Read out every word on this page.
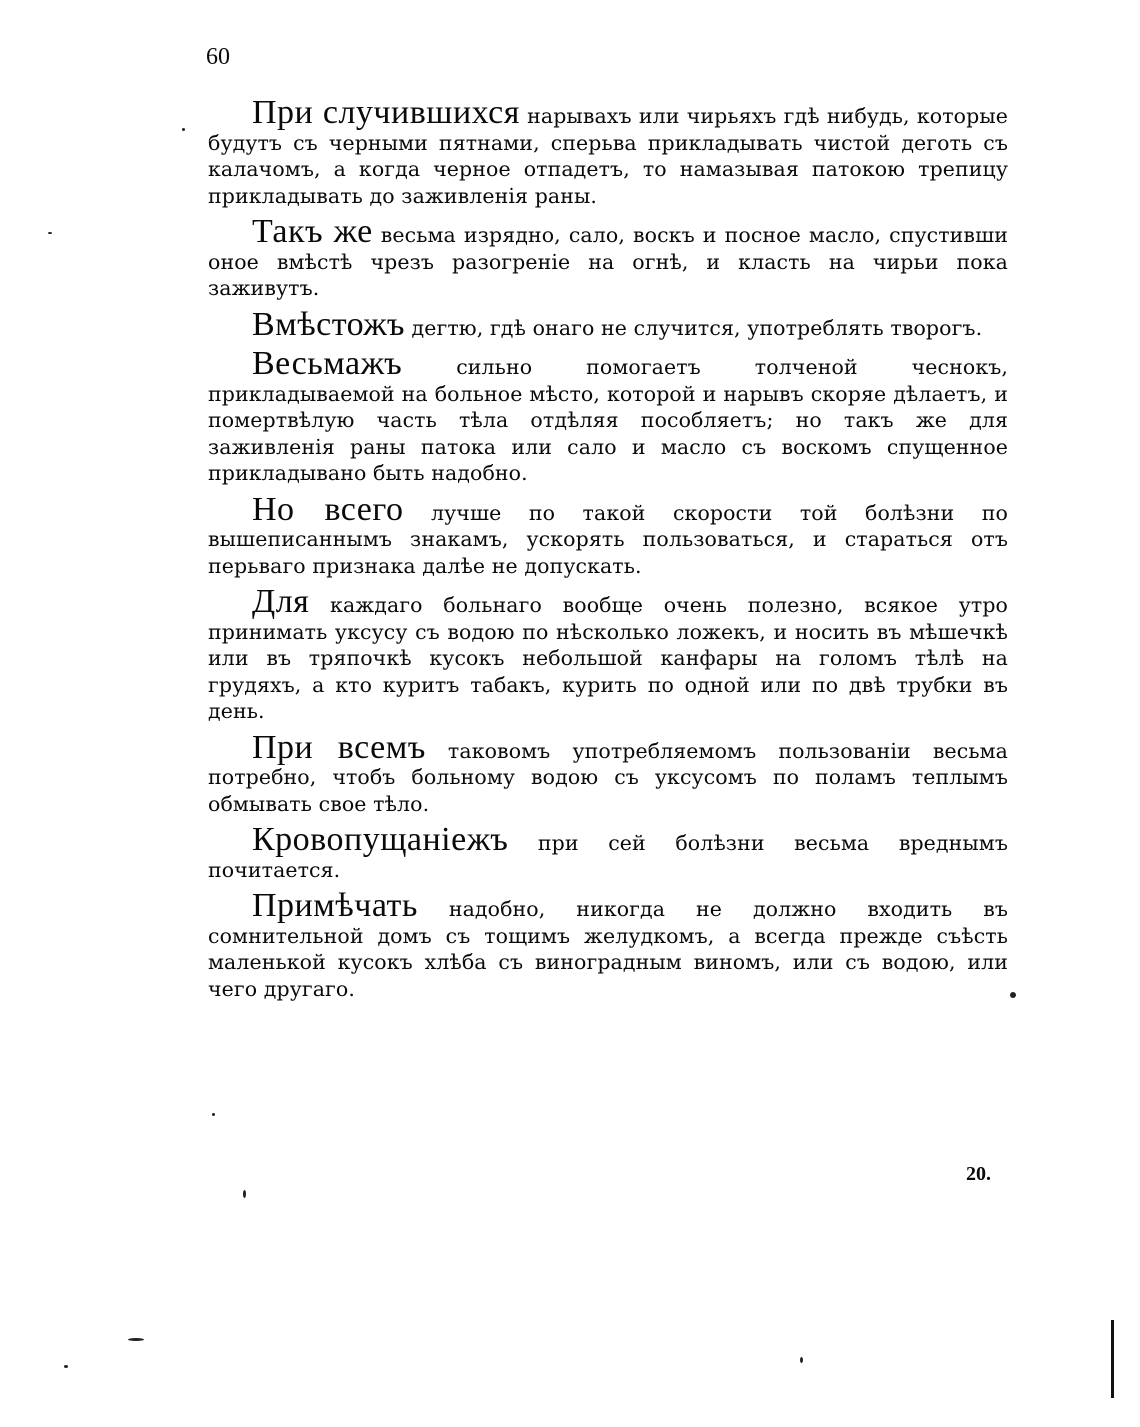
60

При случившихся нарывахъ или чирьяхъ гдѣ нибудь, которые будутъ съ черными пятнами, сперьва прикладывать чистой деготь съ калачомъ, а когда черное отпадетъ, то намазывая патокою трепицу прикладывать до заживленія раны.

Такъ же весьма изрядно, сало, воскъ и посное масло, спустивши оное вмѣстѣ чрезъ разогреніе на огнѣ, и класть на чирьи пока заживутъ.

Вмѣстожъ дегтю, гдѣ онаго не случится, употреблять творогъ.

Весьмажъ сильно помогаетъ толченой чеснокъ, прикладываемой на больное мѣсто, которой и нарывъ скоряе дѣлаетъ, и помертвѣлую часть тѣла отдѣляя пособляетъ; но такъ же для заживленія раны патока или сало и масло съ воскомъ спущенное прикладывано быть надобно.

Но всего лучше по такой скорости той болѣзни по вышеписаннымъ знакамъ, ускорять пользоваться, и стараться отъ перьваго признака далѣе не допускать.

Для каждаго больнаго вообще очень полезно, всякое утро принимать уксусу съ водою по нѣсколько ложекъ, и носить въ мѣшечкѣ или въ тряпочкѣ кусокъ небольшой канфары на голомъ тѣлѣ на грудяхъ, а кто куритъ табакъ, курить по одной или по двѣ трубки въ день.

При всемъ таковомъ употребляемомъ пользованіи весьма потребно, чтобъ больному водою съ уксусомъ по поламъ теплымъ обмывать свое тѣло.

Кровопущаніежъ при сей болѣзни весьма вреднымъ почитается.

Примѣчать надобно, никогда не должно входить въ сомнительной домъ съ тощимъ желудкомъ, а всегда прежде съѣсть маленькой кусокъ хлѣба съ виноградным виномъ, или съ водою, или чего другаго.

20.
